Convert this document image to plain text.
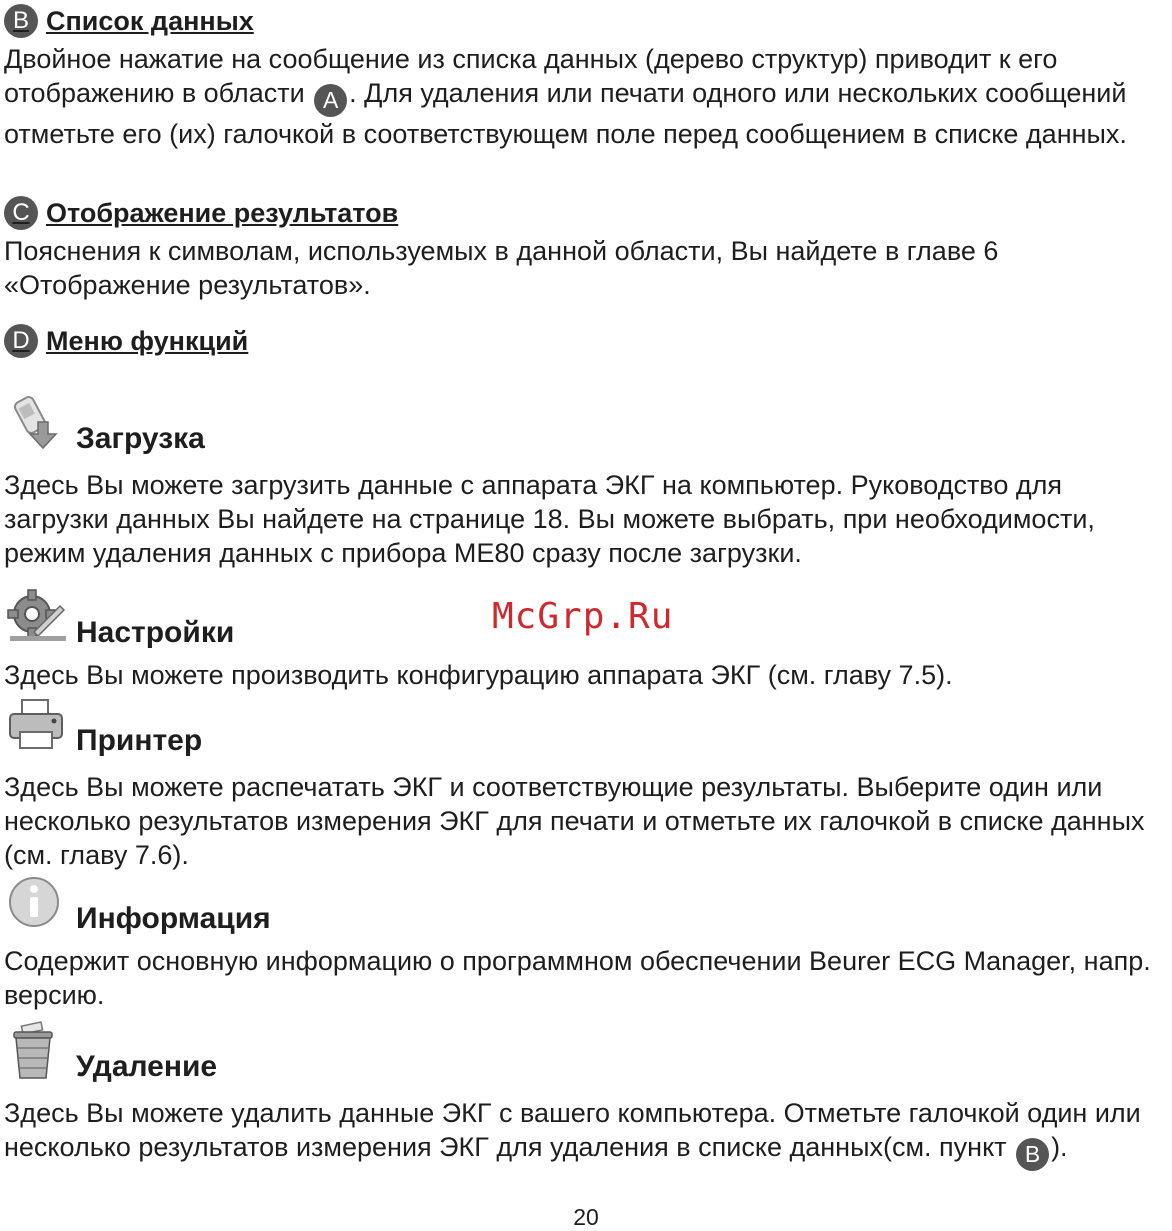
B Список данных

Двойное нажатие на сообщение из списка данных (дерево структур) приводит к его отображению в области A . Для удаления или печати одного или нескольких сообщений отметьте его (их) галочкой в соответствующем поле перед сообщением в списке данных.

C Отображение результатов

Пояснения к символам, используемых в данной области, Вы найдете в главе 6 «Отображение результатов».

D Меню функций
Загрузка

Здесь Вы можете загрузить данные с аппарата ЭКГ на компьютер. Руководство для загрузки данных Вы найдете на странице 18. Вы можете выбрать, при необходимости, режим удаления данных с прибора ME80 сразу после загрузки.

Настройки

Здесь Вы можете производить конфигурацию аппарата ЭКГ (см. главу 7.5).

McGrp.Ru
Принтер

Здесь Вы можете распечатать ЭКГ и соответствующие результаты. Выберите один или несколько результатов измерения ЭКГ для печати и отметьте их галочкой в списке данных (см. главу 7.6).

Информация

Содержит основную информацию о программном обеспечении Beurer ECG Manager, напр. версию.

Удаление

Здесь Вы можете удалить данные ЭКГ с вашего компьютера. Отметьте галочкой один или несколько результатов измерения ЭКГ для удаления в списке данных(см. пункт B ).

20
